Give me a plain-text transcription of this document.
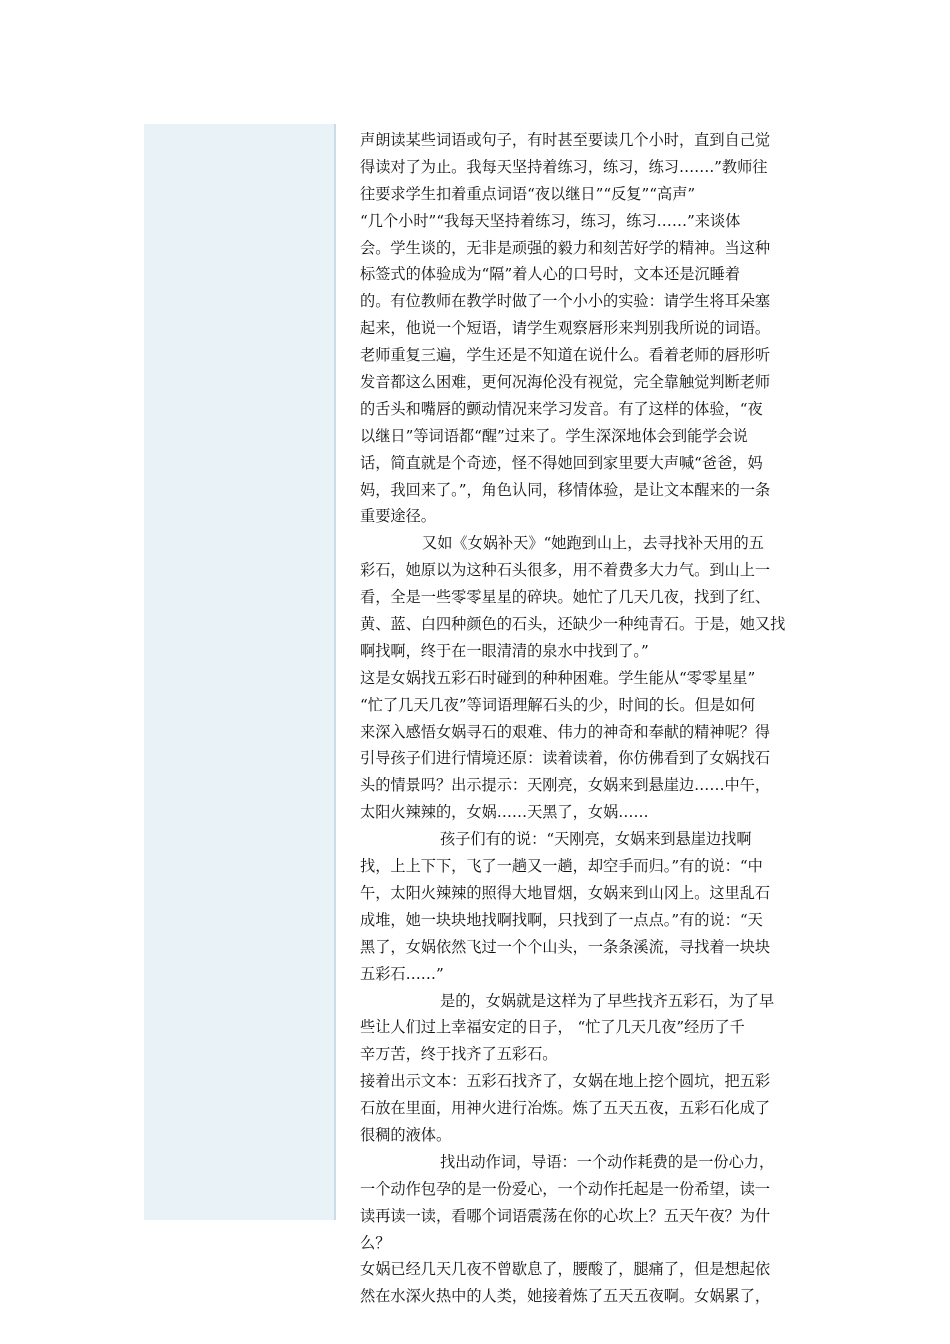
声朗读某些词语或句子，有时甚至要读几个小时，直到自己觉
得读对了为止。我每天坚持着练习，练习，练习…….”教师往
往要求学生扣着重点词语“夜以继日”“反复”“高声”
“几个小时”“我每天坚持着练习，练习，练习……”来谈体
会。学生谈的，无非是顽强的毅力和刻苦好学的精神。当这种
标签式的体验成为“隔”着人心的口号时，文本还是沉睡着
的。有位教师在教学时做了一个小小的实验：请学生将耳朵塞
起来，他说一个短语，请学生观察唇形来判别我所说的词语。
老师重复三遍，学生还是不知道在说什么。看着老师的唇形听
发音都这么困难，更何况海伦没有视觉，完全靠触觉判断老师
的舌头和嘴唇的颤动情况来学习发音。有了这样的体验，“夜
以继日”等词语都“醒”过来了。学生深深地体会到能学会说
话，简直就是个奇迹，怪不得她回到家里要大声喊“爸爸，妈
妈，我回来了。”，角色认同，移情体验，是让文本醒来的一条
重要途径。
又如《女娲补天》“她跑到山上，去寻找补天用的五
彩石，她原以为这种石头很多，用不着费多大力气。到山上一
看，全是一些零零星星的碎块。她忙了几天几夜，找到了红、
黄、蓝、白四种颜色的石头，还缺少一种纯青石。于是，她又找
啊找啊，终于在一眼清清的泉水中找到了。”
这是女娲找五彩石时碰到的种种困难。学生能从“零零星星”
“忙了几天几夜”等词语理解石头的少，时间的长。但是如何
来深入感悟女娲寻石的艰难、伟力的神奇和奉献的精神呢？得
引导孩子们进行情境还原：读着读着，你仿佛看到了女娲找石
头的情景吗？出示提示：天刚亮，女娲来到悬崖边……中午，
太阳火辣辣的，女娲……天黑了，女娲……
孩子们有的说：“天刚亮，女娲来到悬崖边找啊
找，上上下下，飞了一趟又一趟，却空手而归。”有的说：“中
午，太阳火辣辣的照得大地冒烟，女娲来到山冈上。这里乱石
成堆，她一块块地找啊找啊，只找到了一点点。”有的说：“天
黑了，女娲依然飞过一个个山头，一条条溪流，寻找着一块块
五彩石……”
是的，女娲就是这样为了早些找齐五彩石，为了早
些让人们过上幸福安定的日子， “忙了几天几夜”经历了千
辛万苦，终于找齐了五彩石。
接着出示文本：五彩石找齐了，女娲在地上挖个圆坑，把五彩
石放在里面，用神火进行冶炼。炼了五天五夜，五彩石化成了
很稠的液体。
找出动作词，导语：一个动作耗费的是一份心力，
一个动作包孕的是一份爱心，一个动作托起是一份希望，读一
读再读一读，看哪个词语震荡在你的心坎上？五天午夜？为什
么？
女娲已经几天几夜不曾歇息了，腰酸了，腿痛了，但是想起依
然在水深火热中的人类，她接着炼了五天五夜啊。女娲累了，
